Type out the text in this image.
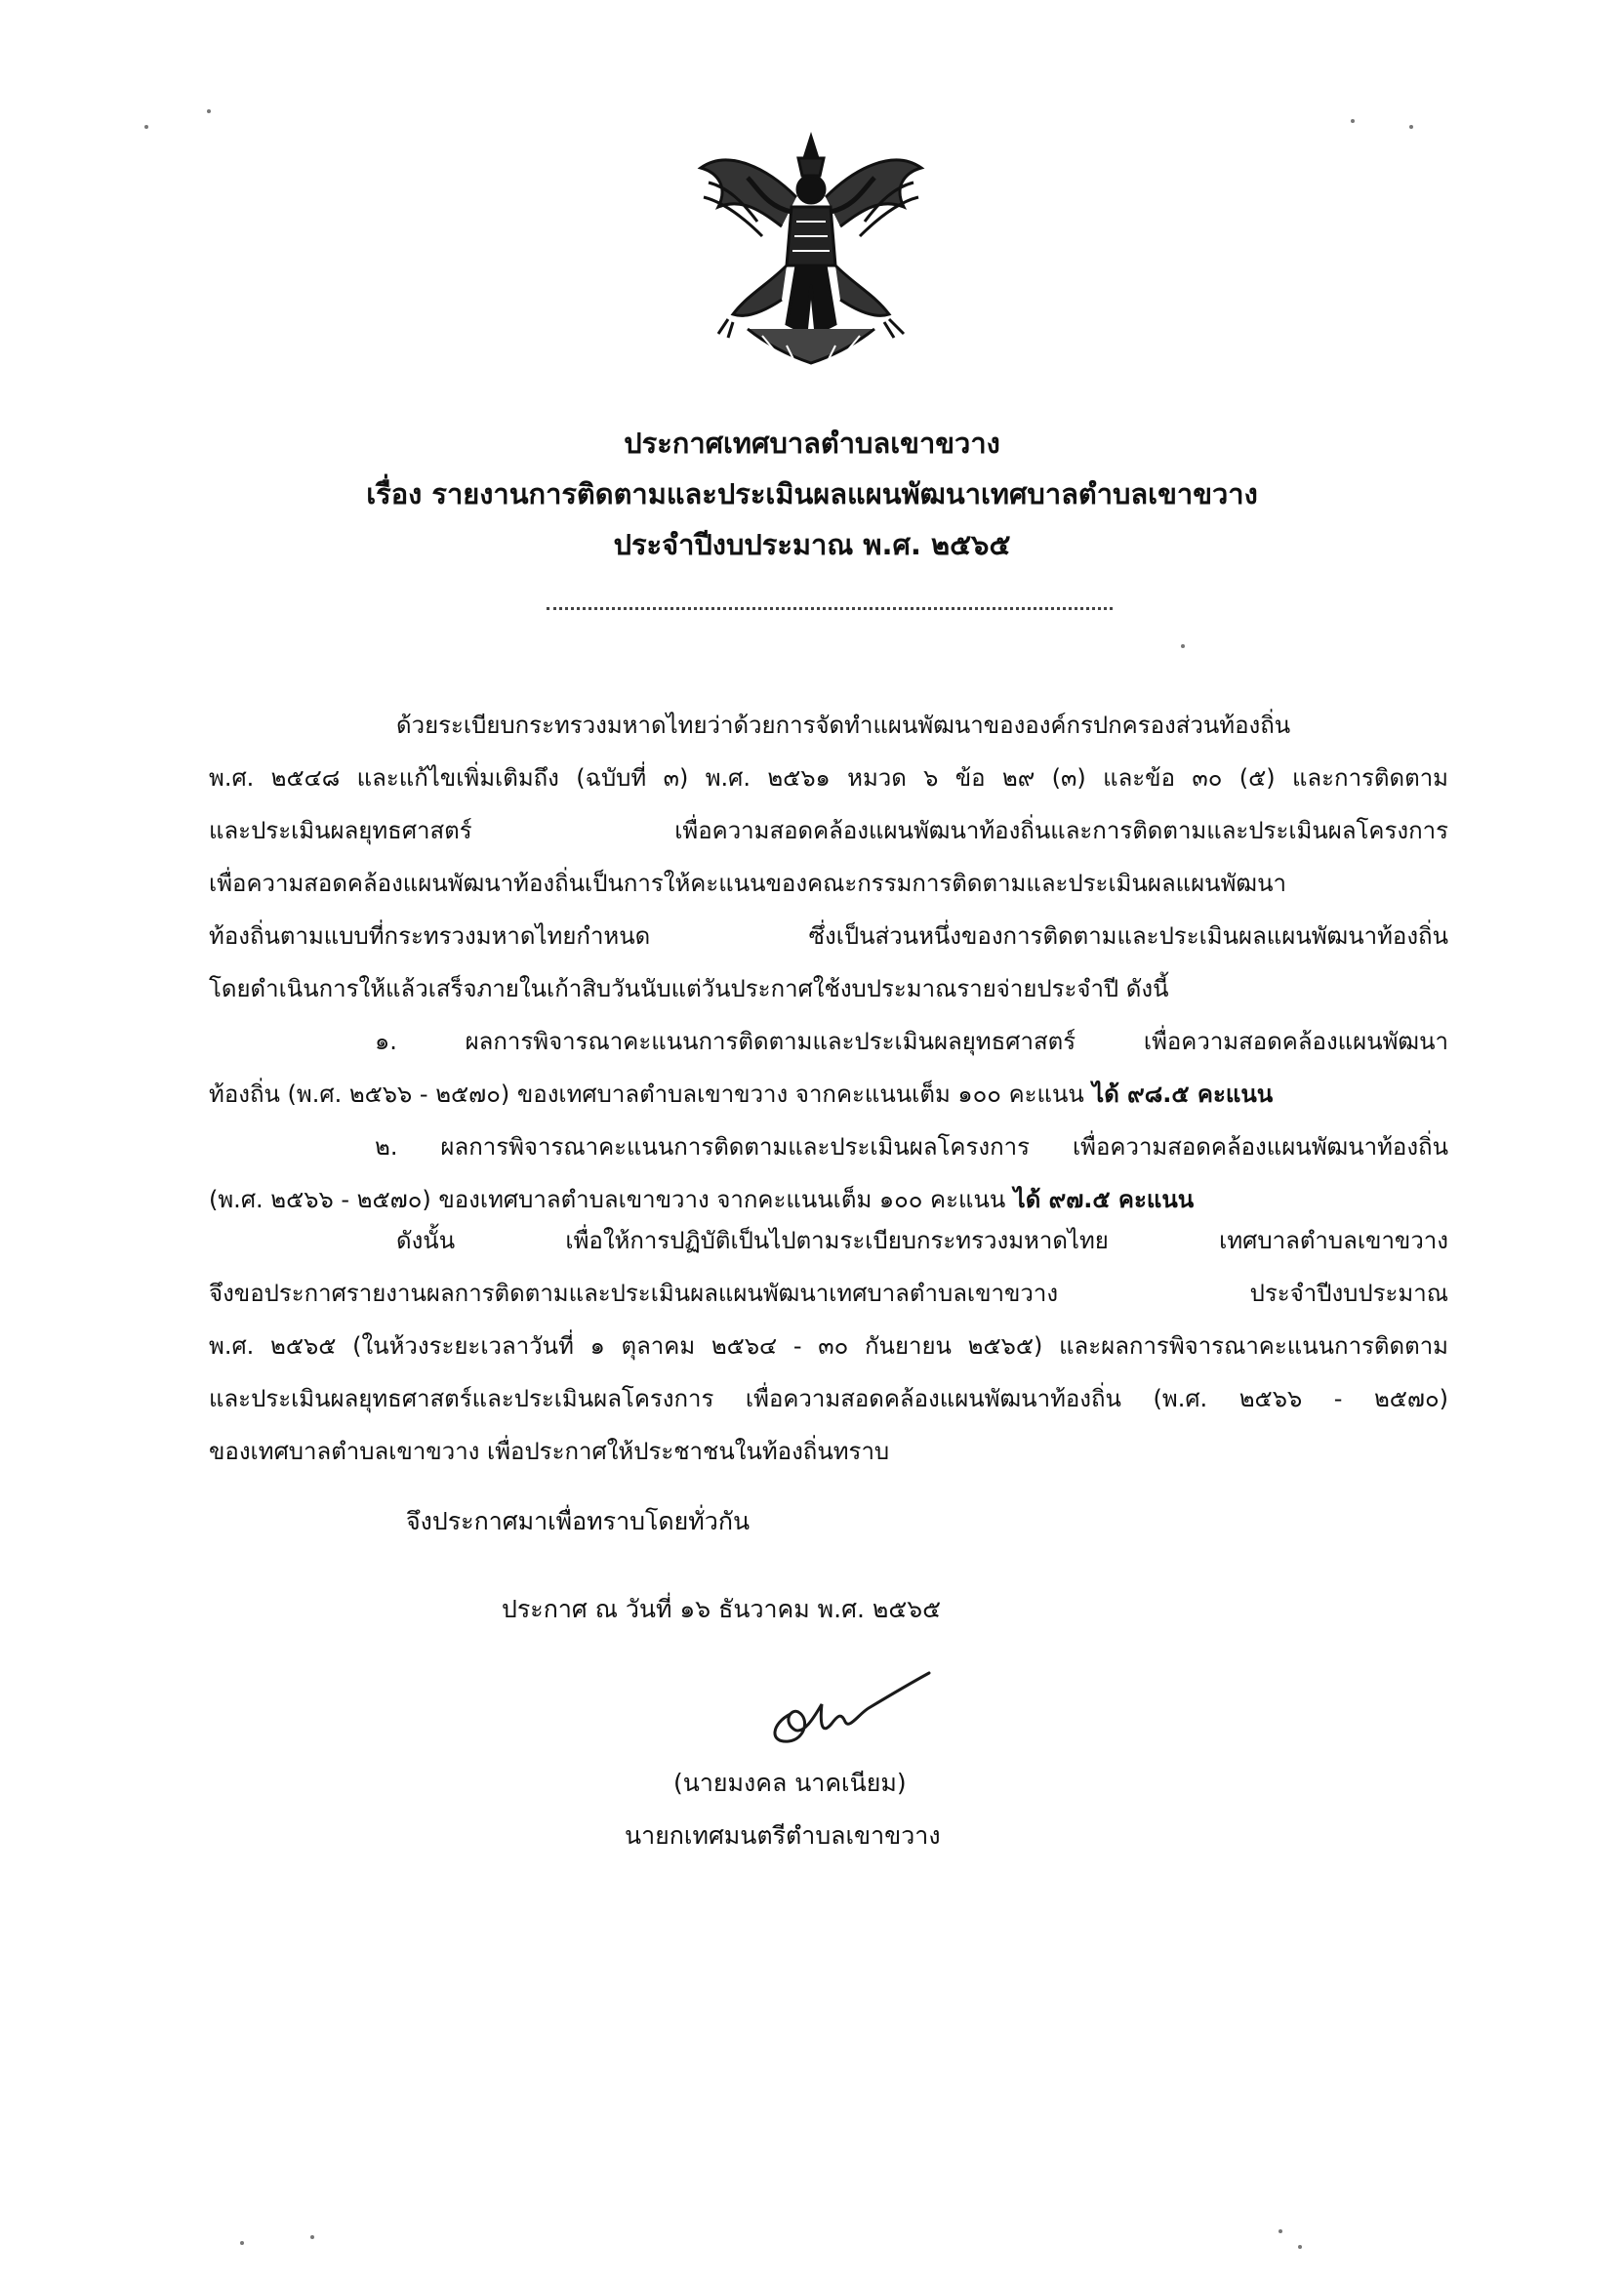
ประกาศเทศบาลตำบลเขาขวาง
เรื่อง รายงานการติดตามและประเมินผลแผนพัฒนาเทศบาลตำบลเขาขวาง
ประจำปีงบประมาณ พ.ศ. ๒๕๖๕
ด้วยระเบียบกระทรวงมหาดไทยว่าด้วยการจัดทำแผนพัฒนาขององค์กรปกครองส่วนท้องถิ่น
พ.ศ. ๒๕๔๘ และแก้ไขเพิ่มเติมถึง (ฉบับที่ ๓) พ.ศ. ๒๕๖๑ หมวด ๖ ข้อ ๒๙ (๓) และข้อ ๓๐ (๕) และการติดตาม
และประเมินผลยุทธศาสตร์ เพื่อความสอดคล้องแผนพัฒนาท้องถิ่นและการติดตามและประเมินผลโครงการ
เพื่อความสอดคล้องแผนพัฒนาท้องถิ่นเป็นการให้คะแนนของคณะกรรมการติดตามและประเมินผลแผนพัฒนา
ท้องถิ่นตามแบบที่กระทรวงมหาดไทยกำหนด ซึ่งเป็นส่วนหนึ่งของการติดตามและประเมินผลแผนพัฒนาท้องถิ่น
โดยดำเนินการให้แล้วเสร็จภายในเก้าสิบวันนับแต่วันประกาศใช้งบประมาณรายจ่ายประจำปี ดังนี้
๑. ผลการพิจารณาคะแนนการติดตามและประเมินผลยุทธศาสตร์ เพื่อความสอดคล้องแผนพัฒนา
ท้องถิ่น (พ.ศ. ๒๕๖๖ - ๒๕๗๐) ของเทศบาลตำบลเขาขวาง จากคะแนนเต็ม ๑๐๐ คะแนน ได้ ๙๘.๕ คะแนน
๒. ผลการพิจารณาคะแนนการติดตามและประเมินผลโครงการ เพื่อความสอดคล้องแผนพัฒนาท้องถิ่น
(พ.ศ. ๒๕๖๖ - ๒๕๗๐) ของเทศบาลตำบลเขาขวาง จากคะแนนเต็ม ๑๐๐ คะแนน ได้ ๙๗.๕ คะแนน
ดังนั้น เพื่อให้การปฏิบัติเป็นไปตามระเบียบกระทรวงมหาดไทย เทศบาลตำบลเขาขวาง
จึงขอประกาศรายงานผลการติดตามและประเมินผลแผนพัฒนาเทศบาลตำบลเขาขวาง ประจำปีงบประมาณ
พ.ศ. ๒๕๖๕ (ในห้วงระยะเวลาวันที่ ๑ ตุลาคม ๒๕๖๔ - ๓๐ กันยายน ๒๕๖๕) และผลการพิจารณาคะแนนการติดตาม
และประเมินผลยุทธศาสตร์และประเมินผลโครงการ เพื่อความสอดคล้องแผนพัฒนาท้องถิ่น (พ.ศ. ๒๕๖๖ - ๒๕๗๐)
ของเทศบาลตำบลเขาขวาง เพื่อประกาศให้ประชาชนในท้องถิ่นทราบ
จึงประกาศมาเพื่อทราบโดยทั่วกัน
ประกาศ ณ วันที่ ๑๖ ธันวาคม พ.ศ. ๒๕๖๕
(นายมงคล นาคเนียม)
นายกเทศมนตรีตำบลเขาขวาง
